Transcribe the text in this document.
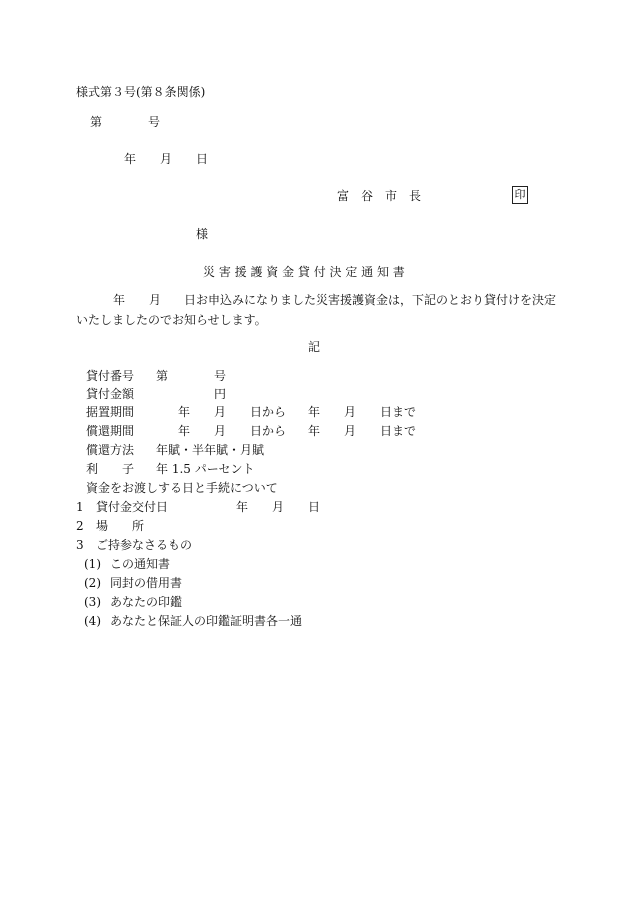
様式第３号(第８条関係)
第	号
年 月 日
富　谷　市　長	印
様
災 害 援 護 資 金 貸 付 決 定 通 知 書
年 月 日お申込みになりました災害援護資金は，下記のとおり貸付けを決定
いたしましたのでお知らせします。
記
貸付番号 第	号
貸付金額	円
据置期間	年 月 日から 年 月 日まで
償還期間	年 月 日から 年 月 日まで
償還方法 年賦・半年賦・月賦
利　　子 年 1.5 パーセント
資金をお渡しする日と手続について
1 貸付金交付日	年 月 日
2 場　　所
3 ご持参なさるもの
(1) この通知書
(2) 同封の借用書
(3) あなたの印鑑
(4) あなたと保証人の印鑑証明書各一通
